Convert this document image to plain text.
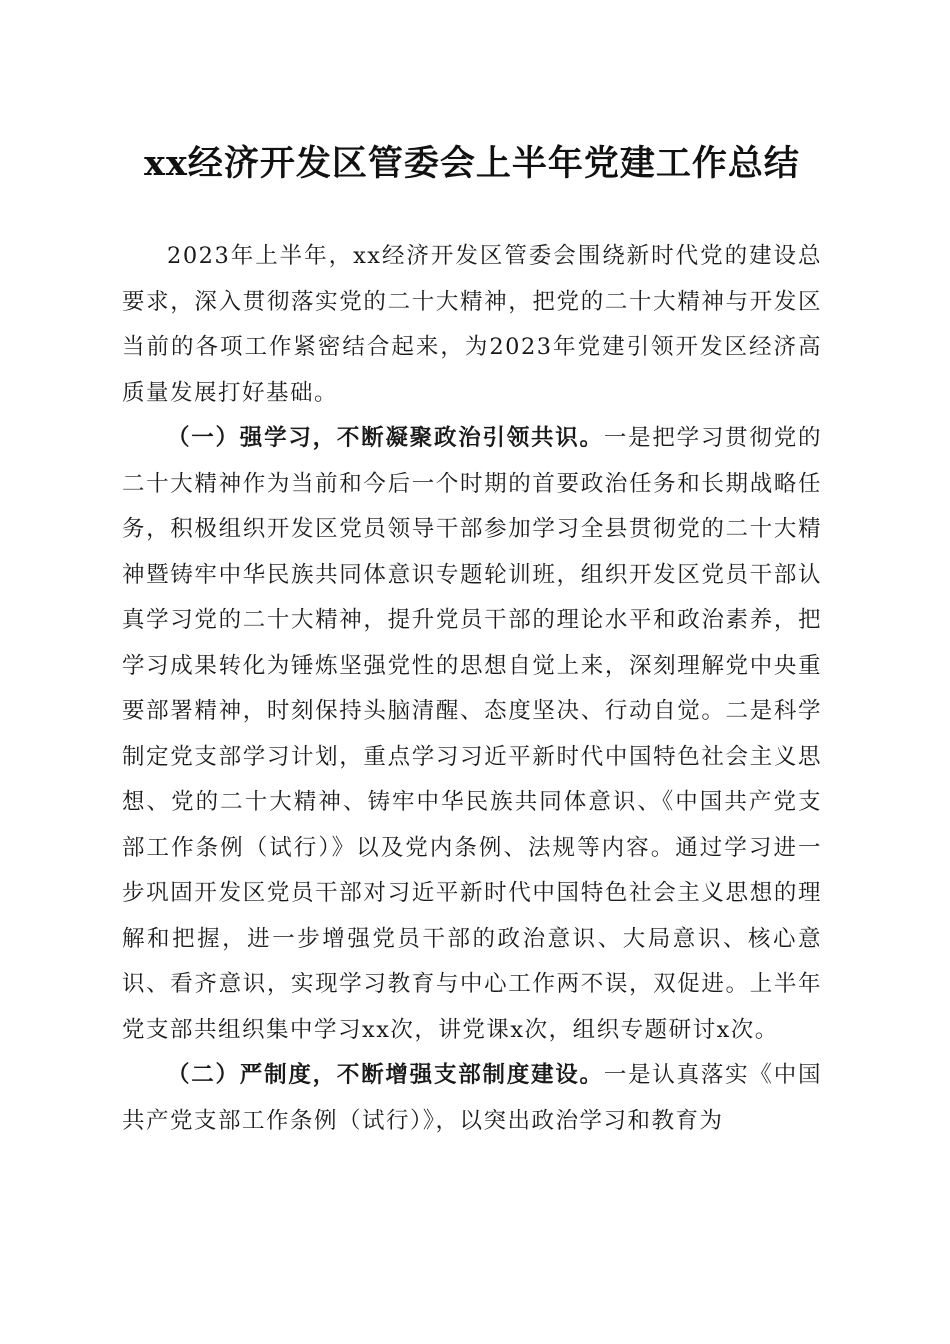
xx经济开发区管委会上半年党建工作总结

2023年上半年，xx经济开发区管委会围绕新时代党的建设总要求，深入贯彻落实党的二十大精神，把党的二十大精神与开发区当前的各项工作紧密结合起来，为2023年党建引领开发区经济高质量发展打好基础。

（一）强学习，不断凝聚政治引领共识。一是把学习贯彻党的二十大精神作为当前和今后一个时期的首要政治任务和长期战略任务，积极组织开发区党员领导干部参加学习全县贯彻党的二十大精神暨铸牢中华民族共同体意识专题轮训班，组织开发区党员干部认真学习党的二十大精神，提升党员干部的理论水平和政治素养，把学习成果转化为锤炼坚强党性的思想自觉上来，深刻理解党中央重要部署精神，时刻保持头脑清醒、态度坚决、行动自觉。二是科学制定党支部学习计划，重点学习习近平新时代中国特色社会主义思想、党的二十大精神、铸牢中华民族共同体意识、《中国共产党支部工作条例（试行）》以及党内条例、法规等内容。通过学习进一步巩固开发区党员干部对习近平新时代中国特色社会主义思想的理解和把握，进一步增强党员干部的政治意识、大局意识、核心意识、看齐意识，实现学习教育与中心工作两不误，双促进。上半年党支部共组织集中学习xx次，讲党课x次，组织专题研讨x次。

（二）严制度，不断增强支部制度建设。一是认真落实《中国共产党支部工作条例（试行）》，以突出政治学习和教育为
